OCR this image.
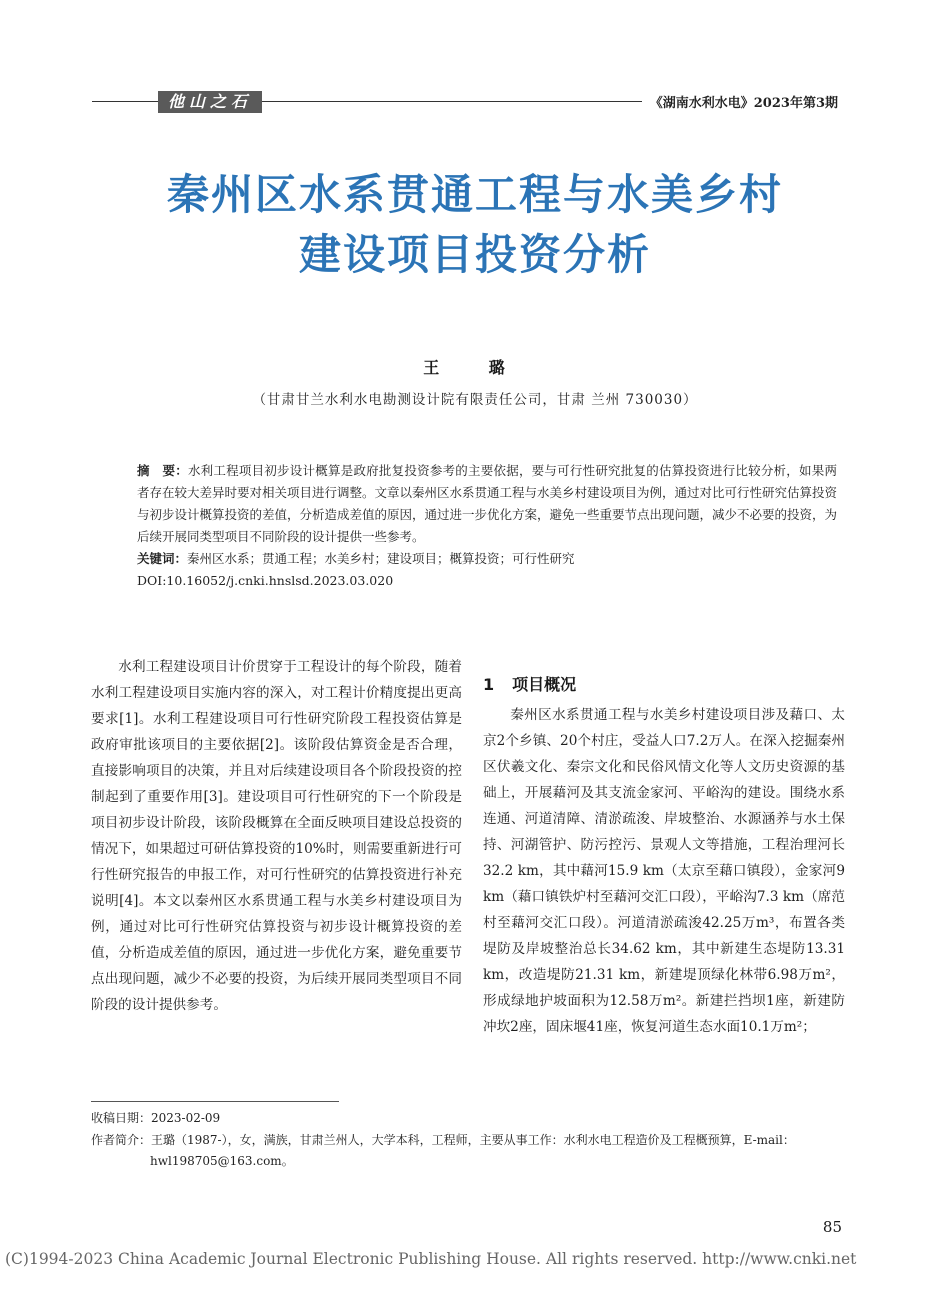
他山之石	《湖南水利水电》2023年第3期
秦州区水系贯通工程与水美乡村
建设项目投资分析
王 璐
（甘肃甘兰水利水电勘测设计院有限责任公司，甘肃 兰州 730030）

摘　要：水利工程项目初步设计概算是政府批复投资参考的主要依据，要与可行性研究批复的估算投资进行比较分析，如果两者存在较大差异时要对相关项目进行调整。文章以秦州区水系贯通工程与水美乡村建设项目为例，通过对比可行性研究估算投资与初步设计概算投资的差值，分析造成差值的原因，通过进一步优化方案，避免一些重要节点出现问题，减少不必要的投资，为后续开展同类型项目不同阶段的设计提供一些参考。

关键词：秦州区水系；贯通工程；水美乡村；建设项目；概算投资；可行性研究

DOI:10.16052/j.cnki.hnslsd.2023.03.020

水利工程建设项目计价贯穿于工程设计的每个阶段，随着水利工程建设项目实施内容的深入，对工程计价精度提出更高要求[1]。水利工程建设项目可行性研究阶段工程投资估算是政府审批该项目的主要依据[2]。该阶段估算资金是否合理，直接影响项目的决策，并且对后续建设项目各个阶段投资的控制起到了重要作用[3]。建设项目可行性研究的下一个阶段是项目初步设计阶段，该阶段概算在全面反映项目建设总投资的情况下，如果超过可研估算投资的10%时，则需要重新进行可行性研究报告的申报工作，对可行性研究的估算投资进行补充说明[4]。本文以秦州区水系贯通工程与水美乡村建设项目为例，通过对比可行性研究估算投资与初步设计概算投资的差值，分析造成差值的原因，通过进一步优化方案，避免重要节点出现问题，减少不必要的投资，为后续开展同类型项目不同阶段的设计提供参考。

1 项目概况

秦州区水系贯通工程与水美乡村建设项目涉及藉口、太京2个乡镇、20个村庄，受益人口7.2万人。在深入挖掘秦州区伏羲文化、秦宗文化和民俗风情文化等人文历史资源的基础上，开展藉河及其支流金家河、平峪沟的建设。围绕水系连通、河道清障、清淤疏浚、岸坡整治、水源涵养与水土保持、河湖管护、防污控污、景观人文等措施，工程治理河长32.2 km，其中藉河15.9 km（太京至藉口镇段），金家河9 km（藉口镇铁炉村至藉河交汇口段），平峪沟7.3 km（席范村至藉河交汇口段）。河道清淤疏浚42.25万m³，布置各类堤防及岸坡整治总长34.62 km，其中新建生态堤防13.31 km，改造堤防21.31 km，新建堤顶绿化林带6.98万m²，形成绿地护坡面积为12.58万m²。新建拦挡坝1座，新建防冲坎2座，固床堰41座，恢复河道生态水面10.1万m²；

收稿日期：2023-02-09
作者简介：王璐（1987-），女，满族，甘肃兰州人，大学本科，工程师，主要从事工作：水利水电工程造价及工程概预算，E-mail：
hwl198705@163.com。
85
(C)1994-2023 China Academic Journal Electronic Publishing House. All rights reserved. http://www.cnki.net
